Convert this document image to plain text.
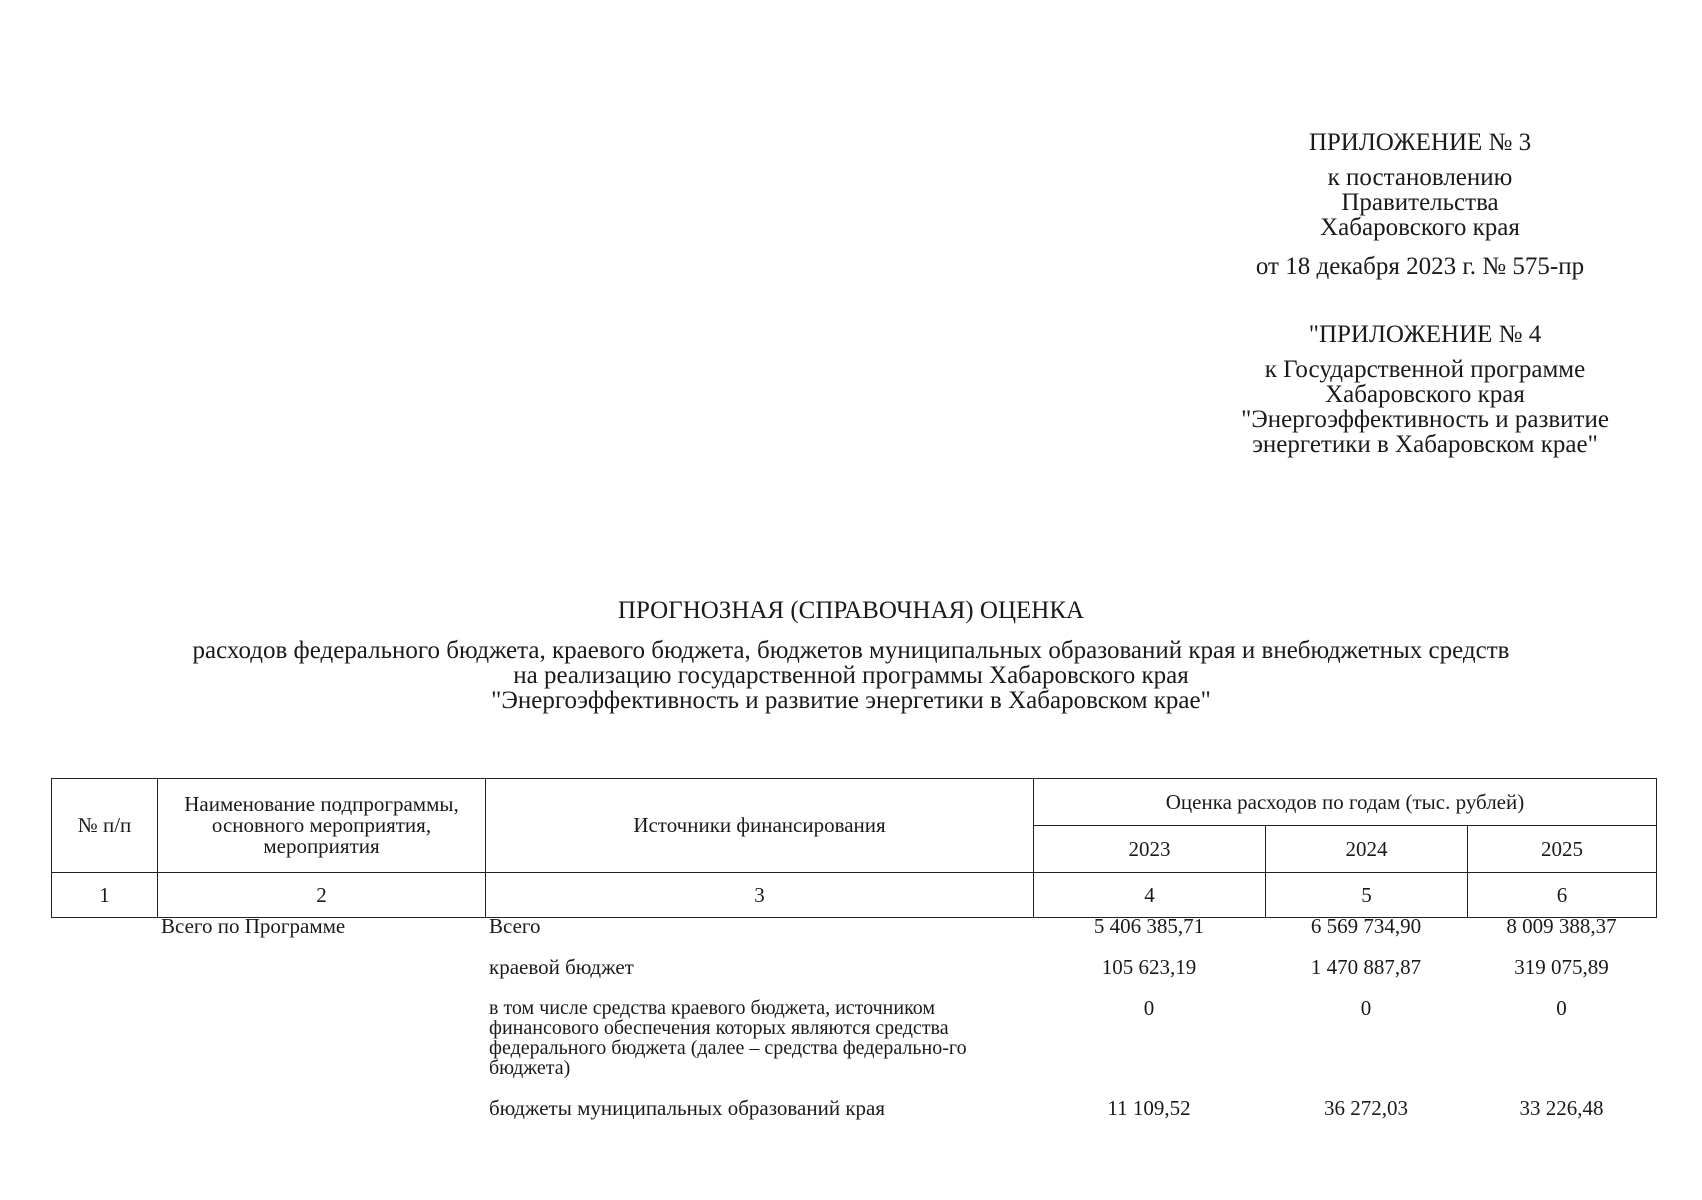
ПРИЛОЖЕНИЕ № 3
к постановлению
Правительства
Хабаровского края
от 18 декабря 2023 г. № 575-пр
"ПРИЛОЖЕНИЕ № 4
к Государственной программе
Хабаровского края
"Энергоэффективность и развитие
энергетики в Хабаровском крае"
ПРОГНОЗНАЯ (СПРАВОЧНАЯ) ОЦЕНКА
расходов федерального бюджета, краевого бюджета, бюджетов муниципальных образований края и внебюджетных средств
на реализацию государственной программы Хабаровского края
"Энергоэффективность и развитие энергетики в Хабаровском крае"
№ п/п	Наименование подпрограммы, основного мероприятия, мероприятия	Источники финансирования	Оценка расходов по годам (тыс. рублей)		
			2023	2024	2025
1	2	3	4	5	6
	Всего по Программе	Всего	5 406 385,71	6 569 734,90	8 009 388,37
		краевой бюджет	105 623,19	1 470 887,87	319 075,89
		в том числе средства краевого бюджета, источником финансового обеспечения которых являются средства федерального бюджета (далее – средства федерально-го бюджета)	0	0	0
		бюджеты муниципальных образований края	11 109,52	36 272,03	33 226,48
